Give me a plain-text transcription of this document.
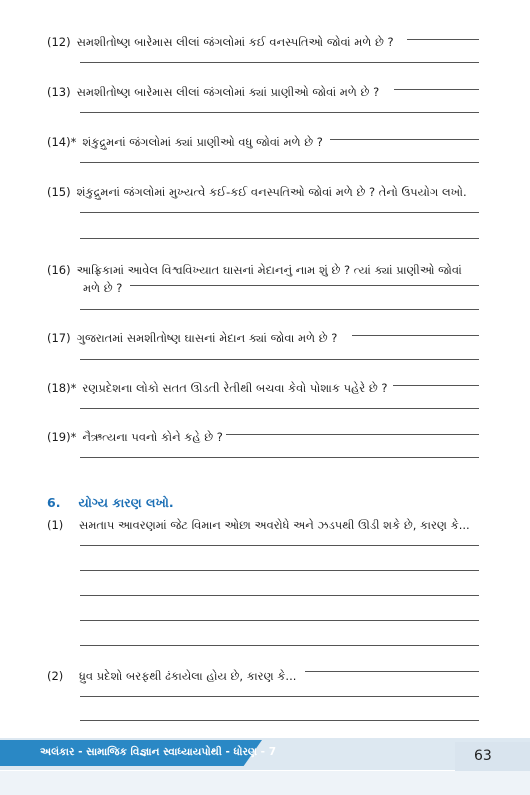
(12) સમશીતોષ્ણ બારેમાસ લીલાં જંગલોમાં કઈ વનસ્પતિઓ જોવાં મળે છે ?
(13) સમશીતોષ્ણ બારેમાસ લીલાં જંગલોમાં ક્યાં પ્રાણીઓ જોવાં મળે છે ?
(14)* શંકુદ્રુમનાં જંગલોમાં ક્યાં પ્રાણીઓ વધુ જોવાં મળે છે ?
(15) શંકુદ્રુમનાં જંગલોમાં મુખ્યત્વે કઈ-કઈ વનસ્પતિઓ જોવાં મળે છે ? તેનો ઉપયોગ લખો.
(16) આફ્રિકામાં આવેલ વિશ્વવિખ્યાત ઘાસનાં મેદાનનું નામ શું છે ? ત્યાં ક્યાં પ્રાણીઓ જોવાં
મળે છે ?
(17) ગુજરાતમાં સમશીતોષ્ણ ઘાસનાં મેદાન ક્યાં જોવા મળે છે ?
(18)* રણપ્રદેશના લોકો સતત ઊડતી રેતીથી બચવા કેવો પોશાક પહેરે છે ?
(19)* નૈઋત્યના પવનો કોને કહે છે ?
6. યોગ્ય કારણ લખો.
(1) સમતાપ આવરણમાં જેટ વિમાન ઓછા અવરોધે અને ઝડપથી ઊડી શકે છે, કારણ કે...
(2) ધ્રુવ પ્રદેશો બરફથી ઢંકાયેલા હોય છે, કારણ કે...
અલંકાર - સામાજિક વિજ્ઞાન સ્વાધ્યાયપોથી - ધોરણ - 7	63
